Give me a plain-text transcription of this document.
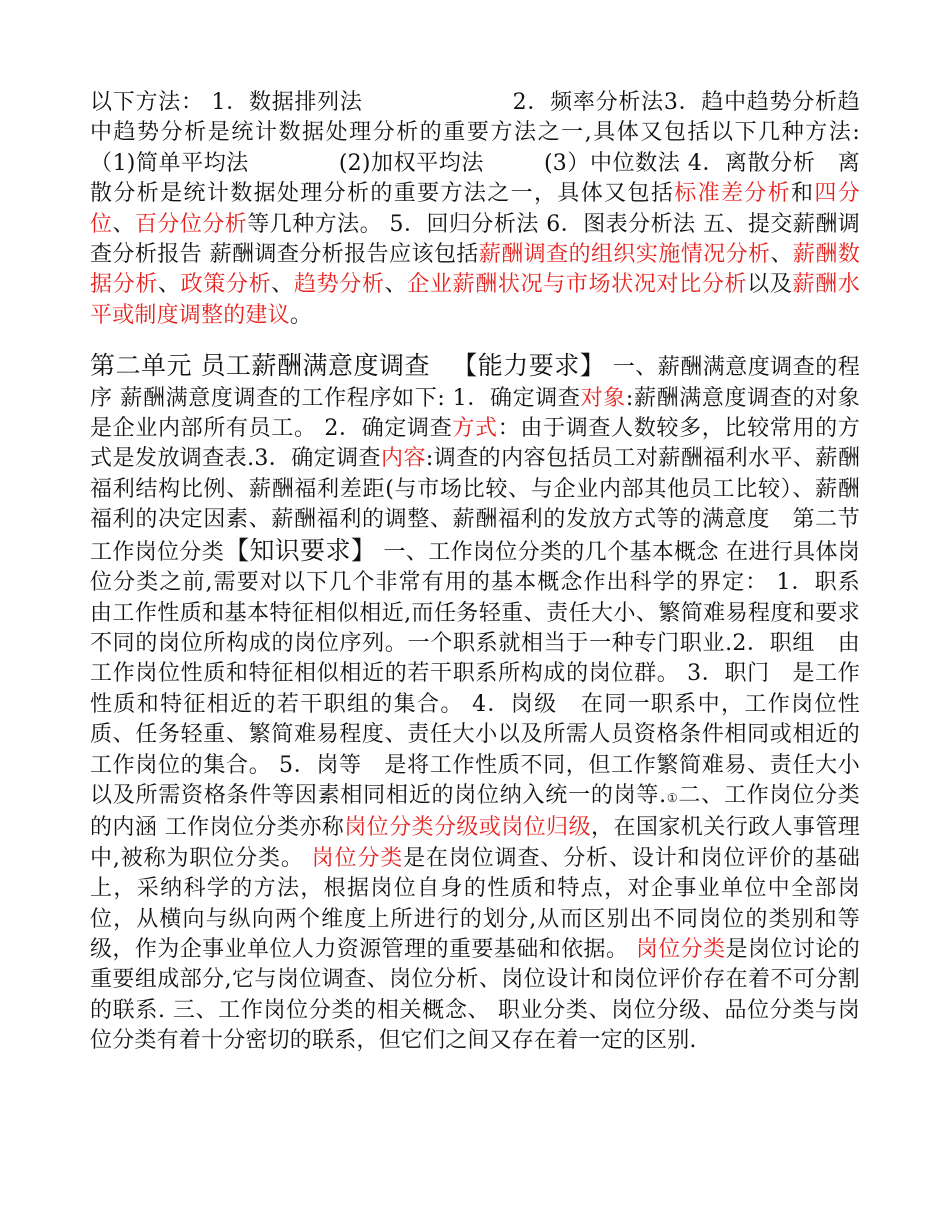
以下方法： 1．数据排列法	2．频率分析法3．趋中趋势分析趋中趋势分析是统计数据处理分析的重要方法之一,具体又包括以下几种方法:（1)简单平均法	(2)加权平均法	(3）中位数法 4．离散分析 离散分析是统计数据处理分析的重要方法之一，具体又包括标准差分析和四分位、百分位分析等几种方法。 5．回归分析法 6．图表分析法 五、提交薪酬调查分析报告 薪酬调查分析报告应该包括薪酬调查的组织实施情况分析、薪酬数据分析、政策分析、趋势分析、企业薪酬状况与市场状况对比分析以及薪酬水平或制度调整的建议。

第二单元 员工薪酬满意度调查 【能力要求】 一、薪酬满意度调查的程序 薪酬满意度调查的工作程序如下: 1．确定调查对象:薪酬满意度调查的对象是企业内部所有员工。 2．确定调查方式：由于调查人数较多，比较常用的方式是发放调查表.3．确定调查内容:调查的内容包括员工对薪酬福利水平、薪酬福利结构比例、薪酬福利差距(与市场比较、与企业内部其他员工比较）、薪酬福利的决定因素、薪酬福利的调整、薪酬福利的发放方式等的满意度 第二节 工作岗位分类【知识要求】 一、工作岗位分类的几个基本概念 在进行具体岗位分类之前,需要对以下几个非常有用的基本概念作出科学的界定： 1．职系　由工作性质和基本特征相似相近,而任务轻重、责任大小、繁简难易程度和要求不同的岗位所构成的岗位序列。一个职系就相当于一种专门职业.2．职组　由工作岗位性质和特征相似相近的若干职系所构成的岗位群。 3．职门　是工作性质和特征相近的若干职组的集合。 4．岗级　在同一职系中，工作岗位性质、任务轻重、繁简难易程度、责任大小以及所需人员资格条件相同或相近的工作岗位的集合。 5．岗等　是将工作性质不同，但工作繁简难易、责任大小以及所需资格条件等因素相同相近的岗位纳入统一的岗等.①二、工作岗位分类的内涵 工作岗位分类亦称岗位分类分级或岗位归级，在国家机关行政人事管理中,被称为职位分类。 岗位分类是在岗位调查、分析、设计和岗位评价的基础上，采纳科学的方法，根据岗位自身的性质和特点，对企事业单位中全部岗位，从横向与纵向两个维度上所进行的划分,从而区别出不同岗位的类别和等级，作为企事业单位人力资源管理的重要基础和依据。 岗位分类是岗位讨论的重要组成部分,它与岗位调查、岗位分析、岗位设计和岗位评价存在着不可分割的联系. 三、工作岗位分类的相关概念、 职业分类、岗位分级、品位分类与岗位分类有着十分密切的联系，但它们之间又存在着一定的区别.
